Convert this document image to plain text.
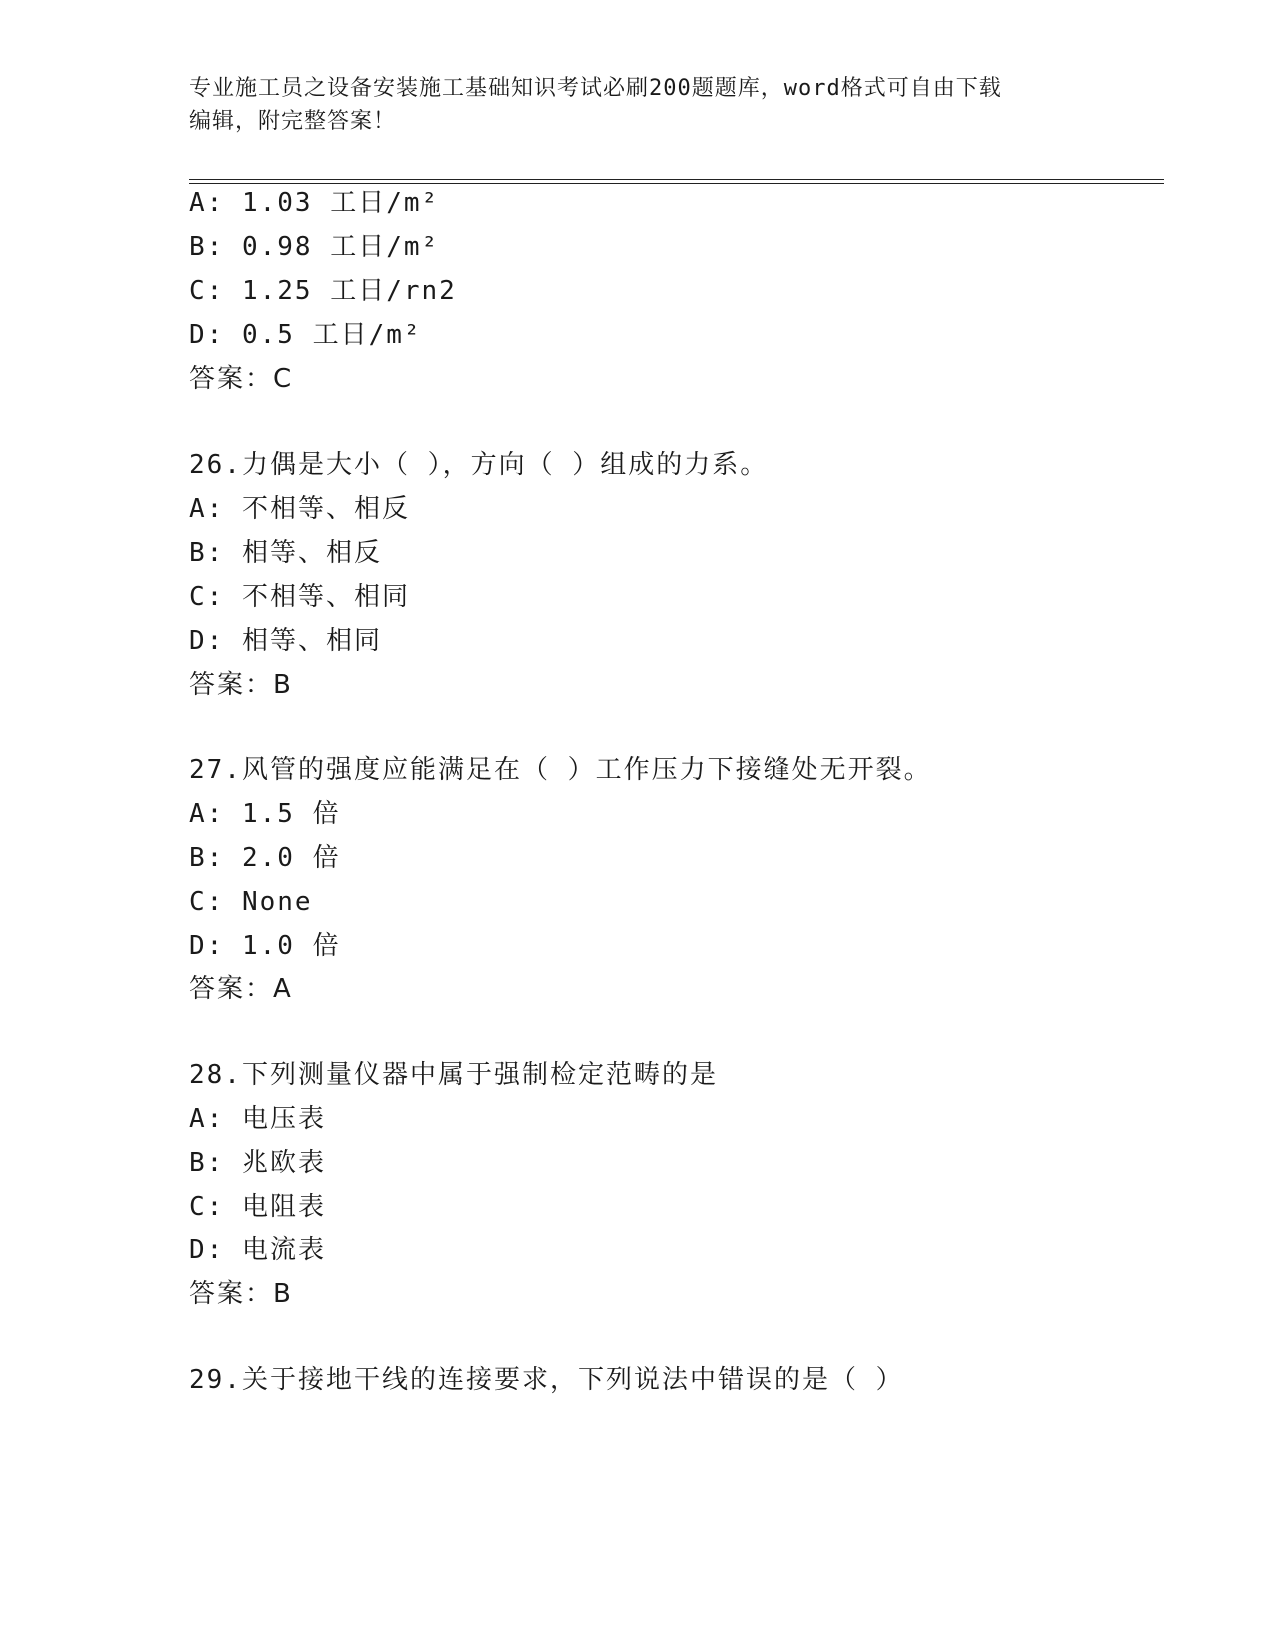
专业施工员之设备安装施工基础知识考试必刷200题题库，word格式可自由下载
编辑，附完整答案！
A: 1.03 工日/m²
B: 0.98 工日/m²
C: 1.25 工日/rn2
D: 0.5 工日/m²
答案：C
26.力偶是大小（ ），方向（ ）组成的力系。
A: 不相等、相反
B: 相等、相反
C: 不相等、相同
D: 相等、相同
答案：B
27.风管的强度应能满足在（ ）工作压力下接缝处无开裂。
A: 1.5 倍
B: 2.0 倍
C: None
D: 1.0 倍
答案：A
28.下列测量仪器中属于强制检定范畴的是
A: 电压表
B: 兆欧表
C: 电阻表
D: 电流表
答案：B
29.关于接地干线的连接要求，下列说法中错误的是（ ）
